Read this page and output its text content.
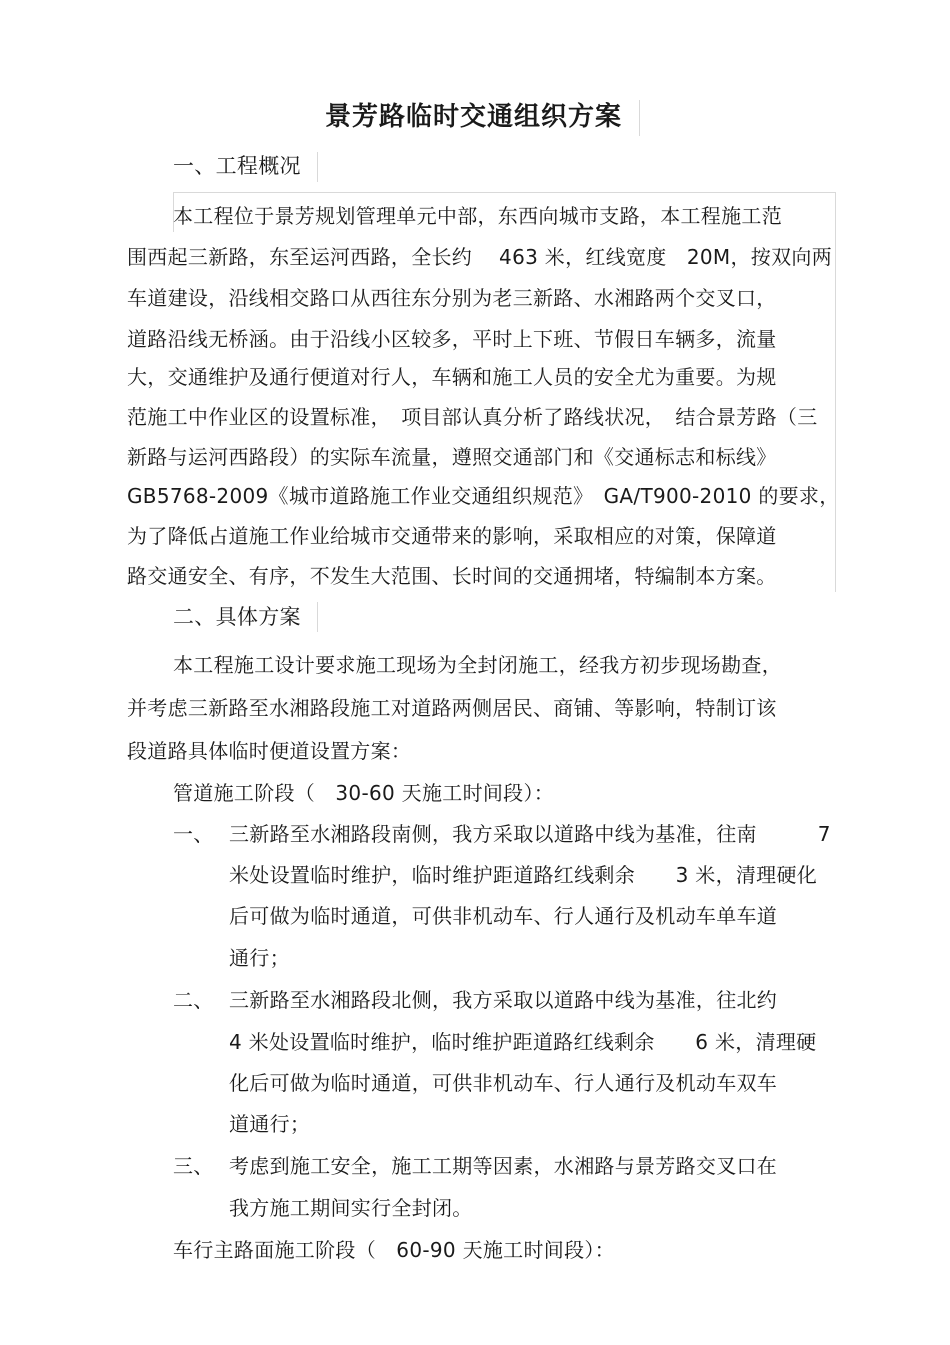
景芳路临时交通组织方案
一、工程概况
本工程位于景芳规划管理单元中部，东西向城市支路，本工程施工范
围西起三新路，东至运河西路，全长约　 463 米，红线宽度　20M，按双向两
车道建设，沿线相交路口从西往东分别为老三新路、水湘路两个交叉口，
道路沿线无桥涵。由于沿线小区较多，平时上下班、节假日车辆多，流量
大，交通维护及通行便道对行人，车辆和施工人员的安全尤为重要。为规
范施工中作业区的设置标准，　项目部认真分析了路线状况，　结合景芳路（三
新路与运河西路段）的实际车流量，遵照交通部门和《交通标志和标线》
GB5768-2009《城市道路施工作业交通组织规范》　GA/T900-2010 的要求，
为了降低占道施工作业给城市交通带来的影响，采取相应的对策，保障道
路交通安全、有序，不发生大范围、长时间的交通拥堵，特编制本方案。
二、具体方案
本工程施工设计要求施工现场为全封闭施工，经我方初步现场勘查，
并考虑三新路至水湘路段施工对道路两侧居民、商铺、等影响，特制订该
段道路具体临时便道设置方案：
管道施工阶段（　30-60 天施工时间段）：
一、 三新路至水湘路段南侧，我方采取以道路中线为基准，往南　　　7
米处设置临时维护，临时维护距道路红线剩余　　3 米，清理硬化
后可做为临时通道，可供非机动车、行人通行及机动车单车道
通行；
二、 三新路至水湘路段北侧，我方采取以道路中线为基准，往北约
4 米处设置临时维护，临时维护距道路红线剩余　　6 米，清理硬
化后可做为临时通道，可供非机动车、行人通行及机动车双车
道通行；
三、 考虑到施工安全，施工工期等因素，水湘路与景芳路交叉口在
我方施工期间实行全封闭。
车行主路面施工阶段（　60-90 天施工时间段）：
